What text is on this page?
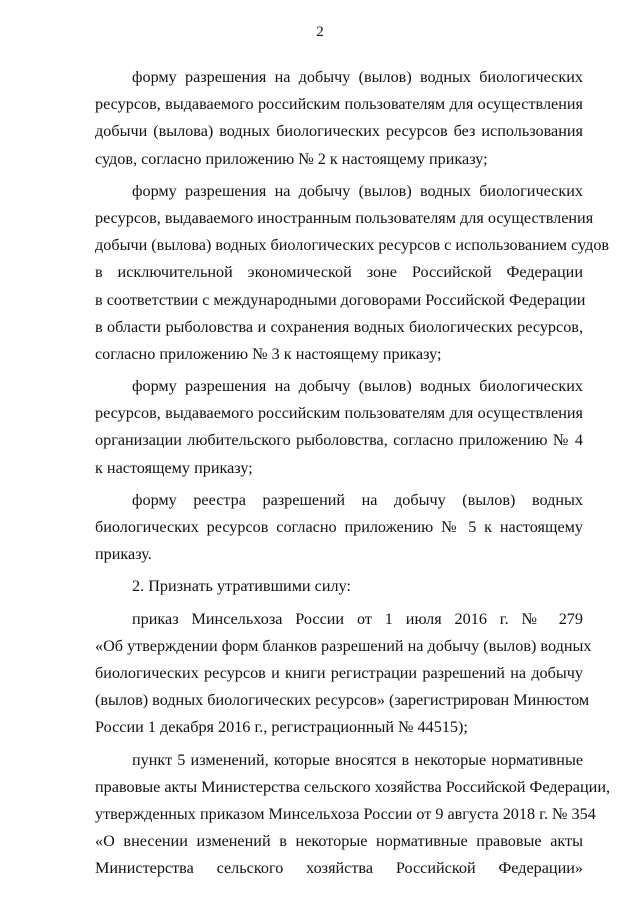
2
форму разрешения на добычу (вылов) водных биологических
ресурсов, выдаваемого российским пользователям для осуществления
добычи (вылова) водных биологических ресурсов без использования
судов, согласно приложению № 2 к настоящему приказу;
форму разрешения на добычу (вылов) водных биологических
ресурсов, выдаваемого иностранным пользователям для осуществления
добычи (вылова) водных биологических ресурсов с использованием судов
в исключительной экономической зоне Российской Федерации
в соответствии с международными договорами Российской Федерации
в области рыболовства и сохранения водных биологических ресурсов,
согласно приложению № 3 к настоящему приказу;
форму разрешения на добычу (вылов) водных биологических
ресурсов, выдаваемого российским пользователям для осуществления
организации любительского рыболовства, согласно приложению № 4
к настоящему приказу;
форму реестра разрешений на добычу (вылов) водных
биологических ресурсов согласно приложению № 5 к настоящему
приказу.
2. Признать утратившими силу:
приказ Минсельхоза России от 1 июля 2016 г. № 279
«Об утверждении форм бланков разрешений на добычу (вылов) водных
биологических ресурсов и книги регистрации разрешений на добычу
(вылов) водных биологических ресурсов» (зарегистрирован Минюстом
России 1 декабря 2016 г., регистрационный № 44515);
пункт 5 изменений, которые вносятся в некоторые нормативные
правовые акты Министерства сельского хозяйства Российской Федерации,
утвержденных приказом Минсельхоза России от 9 августа 2018 г. № 354
«О внесении изменений в некоторые нормативные правовые акты
Министерства сельского хозяйства Российской Федерации»
